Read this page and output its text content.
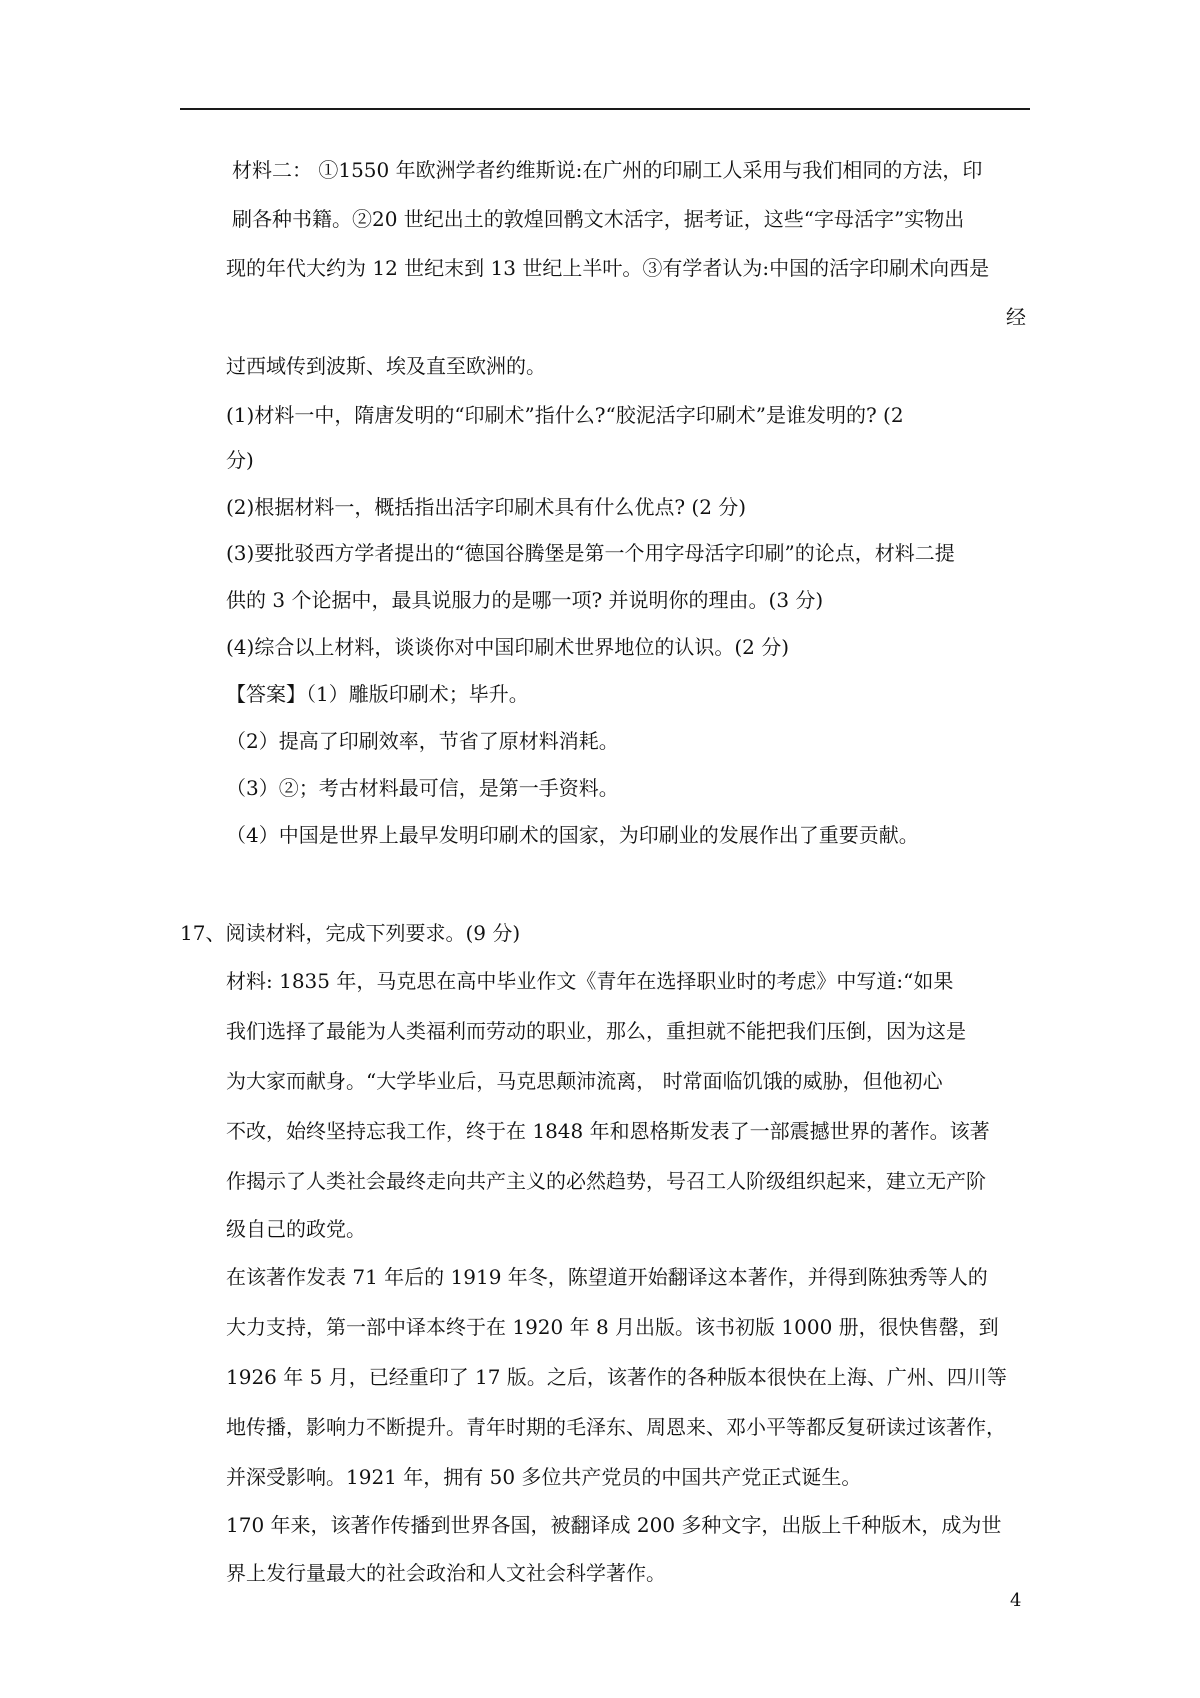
材料二： ①1550 年欧洲学者约维斯说:在广州的印刷工人采用与我们相同的方法，印
刷各种书籍。②20 世纪出土的敦煌回鹘文木活字，据考证，这些“字母活字”实物出
现的年代大约为 12 世纪末到 13 世纪上半叶。③有学者认为:中国的活字印刷术向西是
经
过西域传到波斯、埃及直至欧洲的。
(1)材料一中，隋唐发明的“印刷术”指什么?“胶泥活字印刷术”是谁发明的? (2
分)
(2)根据材料一，概括指出活字印刷术具有什么优点? (2 分)
(3)要批驳西方学者提出的“德国谷腾堡是第一个用字母活字印刷”的论点，材料二提
供的 3 个论据中，最具说服力的是哪一项? 并说明你的理由。(3 分)
(4)综合以上材料，谈谈你对中国印刷术世界地位的认识。(2 分)
【答案】（1）雕版印刷术；毕升。
（2）提高了印刷效率，节省了原材料消耗。
（3）②；考古材料最可信，是第一手资料。
（4）中国是世界上最早发明印刷术的国家，为印刷业的发展作出了重要贡献。
17、阅读材料，完成下列要求。(9 分)
材料: 1835 年，马克思在高中毕业作文《青年在选择职业时的考虑》中写道:“如果
我们选择了最能为人类福利而劳动的职业，那么，重担就不能把我们压倒，因为这是
为大家而献身。“大学毕业后，马克思颠沛流离， 时常面临饥饿的威胁，但他初心
不改，始终坚持忘我工作，终于在 1848 年和恩格斯发表了一部震撼世界的著作。该著
作揭示了人类社会最终走向共产主义的必然趋势，号召工人阶级组织起来，建立无产阶
级自己的政党。
在该著作发表 71 年后的 1919 年冬，陈望道开始翻译这本著作，并得到陈独秀等人的
大力支持，第一部中译本终于在 1920 年 8 月出版。该书初版 1000 册，很快售罄，到
1926 年 5 月，已经重印了 17 版。之后，该著作的各种版本很快在上海、广州、四川等
地传播，影响力不断提升。青年时期的毛泽东、周恩来、邓小平等都反复研读过该著作，
并深受影响。1921 年，拥有 50 多位共产党员的中国共产党正式诞生。
170 年来，该著作传播到世界各国，被翻译成 200 多种文字，出版上千种版木，成为世
界上发行量最大的社会政治和人文社会科学著作。
4
